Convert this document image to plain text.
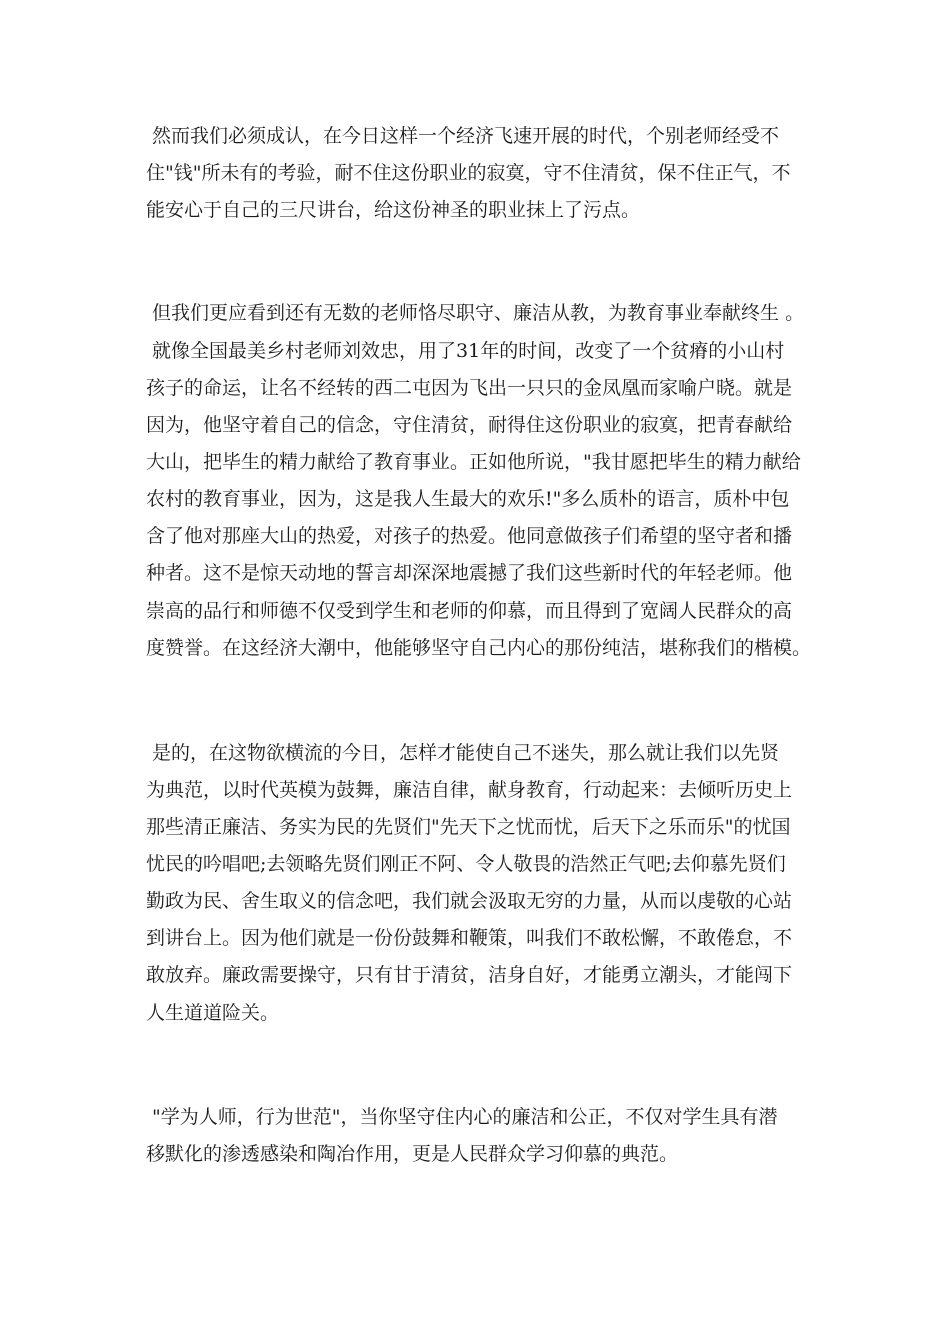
然而我们必须成认，在今日这样一个经济飞速开展的时代，个别老师经受不

住"钱"所未有的考验，耐不住这份职业的寂寞，守不住清贫，保不住正气，不

能安心于自己的三尺讲台，给这份神圣的职业抹上了污点。

但我们更应看到还有无数的老师恪尽职守、廉洁从教，为教育事业奉献终生 。

就像全国最美乡村老师刘效忠，用了31年的时间，改变了一个贫瘠的小山村

孩子的命运，让名不经转的西二屯因为飞出一只只的金凤凰而家喻户晓。就是

因为，他坚守着自己的信念，守住清贫，耐得住这份职业的寂寞，把青春献给

大山，把毕生的精力献给了教育事业。正如他所说，"我甘愿把毕生的精力献给

农村的教育事业，因为，这是我人生最大的欢乐!"多么质朴的语言，质朴中包

含了他对那座大山的热爱，对孩子的热爱。他同意做孩子们希望的坚守者和播

种者。这不是惊天动地的誓言却深深地震撼了我们这些新时代的年轻老师。他

崇高的品行和师德不仅受到学生和老师的仰慕，而且得到了宽阔人民群众的高

度赞誉。在这经济大潮中，他能够坚守自己内心的那份纯洁，堪称我们的楷模。

是的，在这物欲横流的今日，怎样才能使自己不迷失，那么就让我们以先贤

为典范，以时代英模为鼓舞，廉洁自律，献身教育，行动起来：去倾听历史上

那些清正廉洁、务实为民的先贤们"先天下之忧而忧，后天下之乐而乐"的忧国

忧民的吟唱吧;去领略先贤们刚正不阿、令人敬畏的浩然正气吧;去仰慕先贤们

勤政为民、舍生取义的信念吧，我们就会汲取无穷的力量，从而以虔敬的心站

到讲台上。因为他们就是一份份鼓舞和鞭策，叫我们不敢松懈，不敢倦怠，不

敢放弃。廉政需要操守，只有甘于清贫，洁身自好，才能勇立潮头，才能闯下

人生道道险关。

"学为人师，行为世范"，当你坚守住内心的廉洁和公正，不仅对学生具有潜

移默化的渗透感染和陶冶作用，更是人民群众学习仰慕的典范。
